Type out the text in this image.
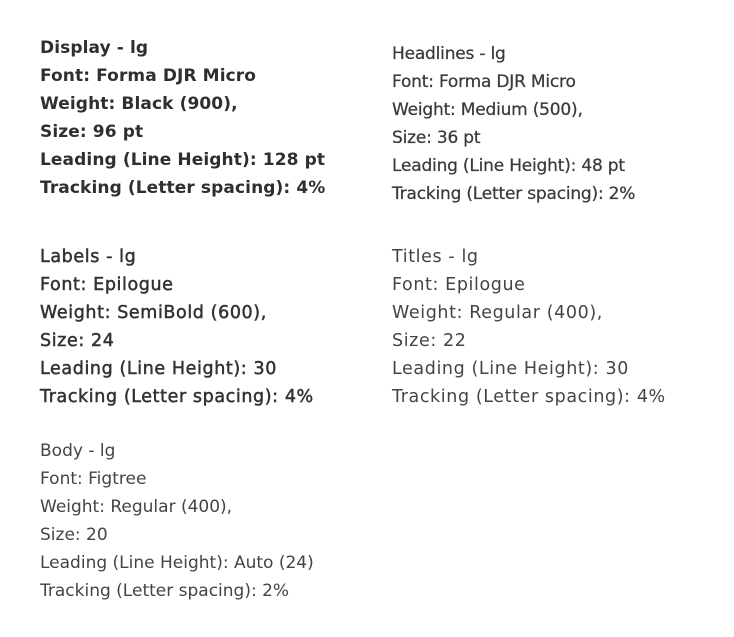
Display - lg
Font: Forma DJR Micro
Weight: Black (900),
Size: 96 pt
Leading (Line Height): 128 pt
Tracking (Letter spacing): 4%
Headlines - lg
Font: Forma DJR Micro
Weight: Medium (500),
Size: 36 pt
Leading (Line Height): 48 pt
Tracking (Letter spacing): 2%
Labels - lg
Font: Epilogue
Weight: SemiBold (600),
Size: 24
Leading (Line Height): 30
Tracking (Letter spacing): 4%
Titles - lg
Font: Epilogue
Weight: Regular (400),
Size: 22
Leading (Line Height): 30
Tracking (Letter spacing): 4%
Body - lg
Font: Figtree
Weight: Regular (400),
Size: 20
Leading (Line Height): Auto (24)
Tracking (Letter spacing): 2%
